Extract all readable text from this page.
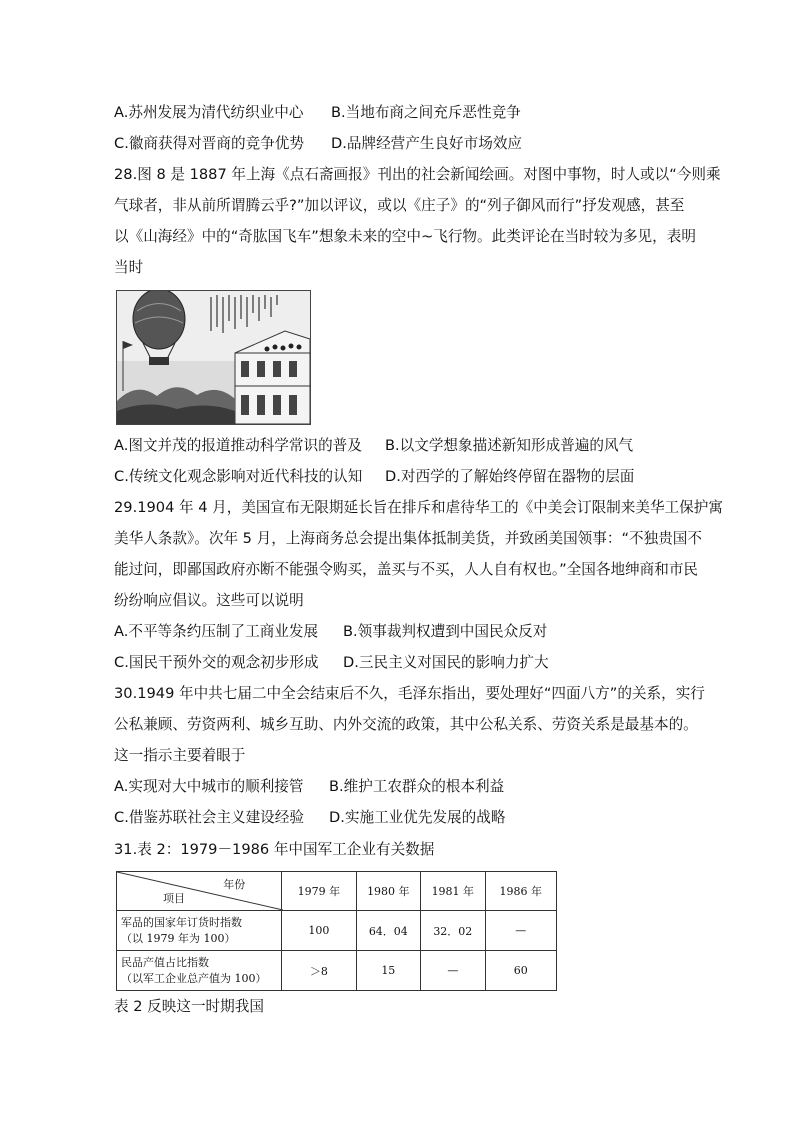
A.苏州发展为清代纺织业中心 B.当地布商之间充斥恶性竞争
C.徽商获得对晋商的竞争优势 D.品牌经营产生良好市场效应
28.图 8 是 1887 年上海《点石斋画报》刊出的社会新闻绘画。对图中事物，时人或以“今则乘
气球者，非从前所谓腾云乎?”加以评议，或以《庄子》的“列子御风而行”抒发观感，甚至
以《山海经》中的“奇肱国飞车”想象未来的空中~飞行物。此类评论在当时较为多见，表明
当时
A.图文并茂的报道推动科学常识的普及 B.以文学想象描述新知形成普遍的风气
C.传统文化观念影响对近代科技的认知 D.对西学的了解始终停留在器物的层面
29.1904 年 4 月，美国宣布无限期延长旨在排斥和虐待华工的《中美会订限制来美华工保护寓
美华人条款》。次年 5 月，上海商务总会提出集体抵制美货，并致函美国领事：“不独贵国不
能过问，即鄙国政府亦断不能强令购买，盖买与不买，人人自有权也。”全国各地绅商和市民
纷纷响应倡议。这些可以说明
A.不平等条约压制了工商业发展 B.领事裁判权遭到中国民众反对
C.国民干预外交的观念初步形成 D.三民主义对国民的影响力扩大
30.1949 年中共七届二中全会结束后不久，毛泽东指出，要处理好“四面八方”的关系，实行
公私兼顾、劳资两利、城乡互助、内外交流的政策，其中公私关系、劳资关系是最基本的。
这一指示主要着眼于
A.实现对大中城市的顺利接管 B.维护工农群众的根本利益
C.借鉴苏联社会主义建设经验 D.实施工业优先发展的战略
31.表 2：1979－1986 年中国军工企业有关数据
年份
项目	1979 年	1980 年	1981 年	1986 年

军品的国家年订货时指数
（以 1979 年为 100）	100	64．04	32．02	—

民品产值占比指数
（以军工企业总产值为 100）	＞8	15	—	60
表 2 反映这一时期我国
